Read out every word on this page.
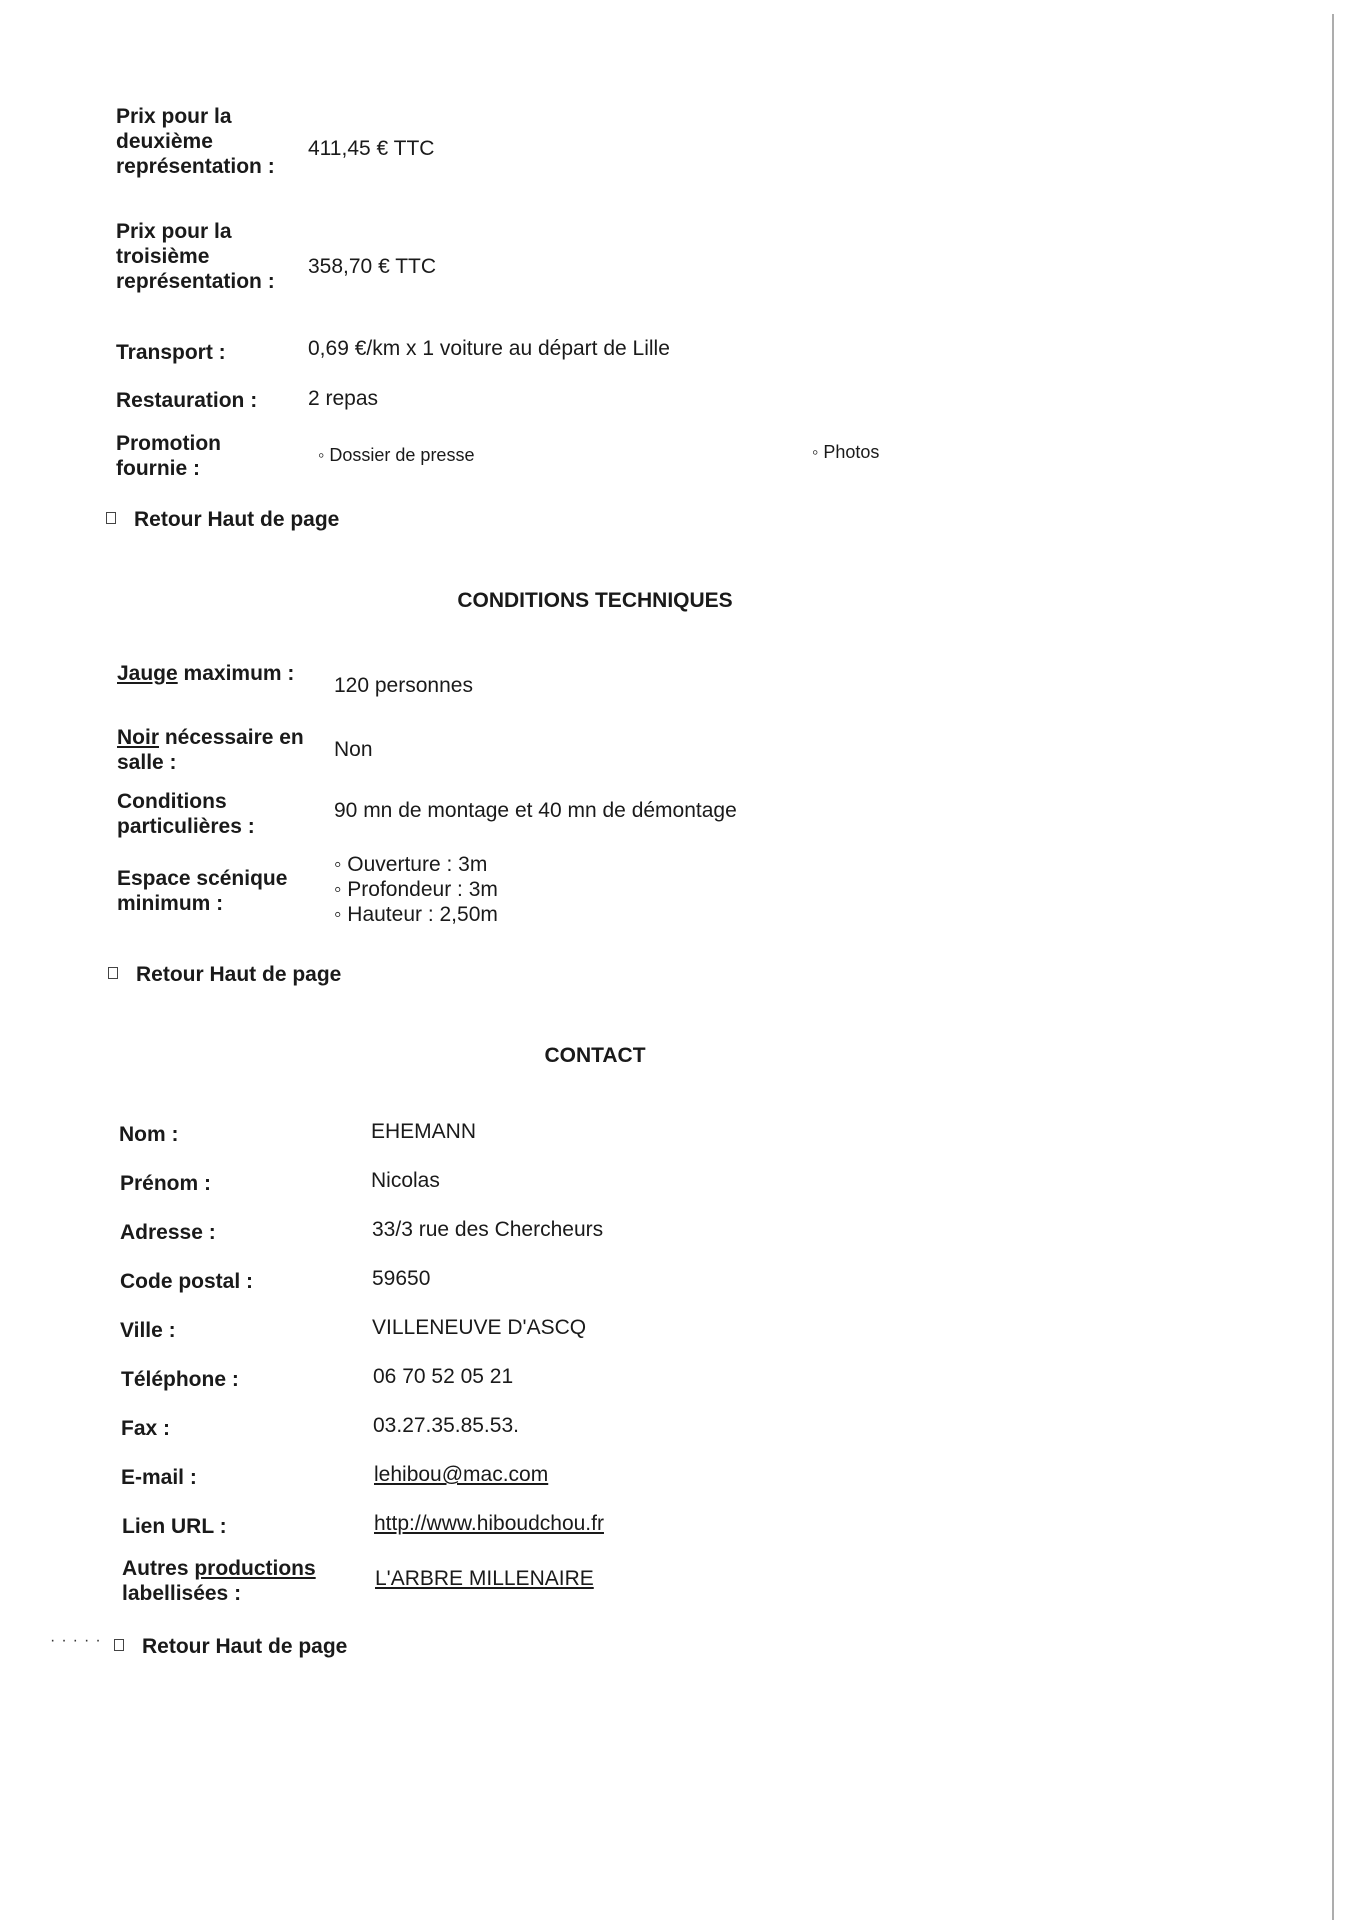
Prix pour la deuxième représentation :
411,45 € TTC
Prix pour la troisième représentation :
358,70 € TTC
Transport :	0,69 €/km x 1 voiture au départ de Lille
Restauration : 2 repas
Promotion fournie :
◦ Dossier de presse	◦ Photos
Retour Haut de page
CONDITIONS TECHNIQUES
Jauge maximum :
120 personnes
Noir nécessaire en salle :
Non
Conditions particulières :
90 mn de montage et 40 mn de démontage
Espace scénique minimum :
◦ Ouverture : 3m
◦ Profondeur : 3m
◦ Hauteur : 2,50m
Retour Haut de page
CONTACT
Nom :	EHEMANN
Prénom :	Nicolas
Adresse :	33/3 rue des Chercheurs
Code postal :	59650
Ville :	VILLENEUVE D'ASCQ
Téléphone :	06 70 52 05 21
Fax :	03.27.35.85.53.
E-mail :	lehibou@mac.com
Lien URL :	http://www.hiboudchou.fr
Autres productions labellisées :
L'ARBRE MILLENAIRE
·····	Retour Haut de page
